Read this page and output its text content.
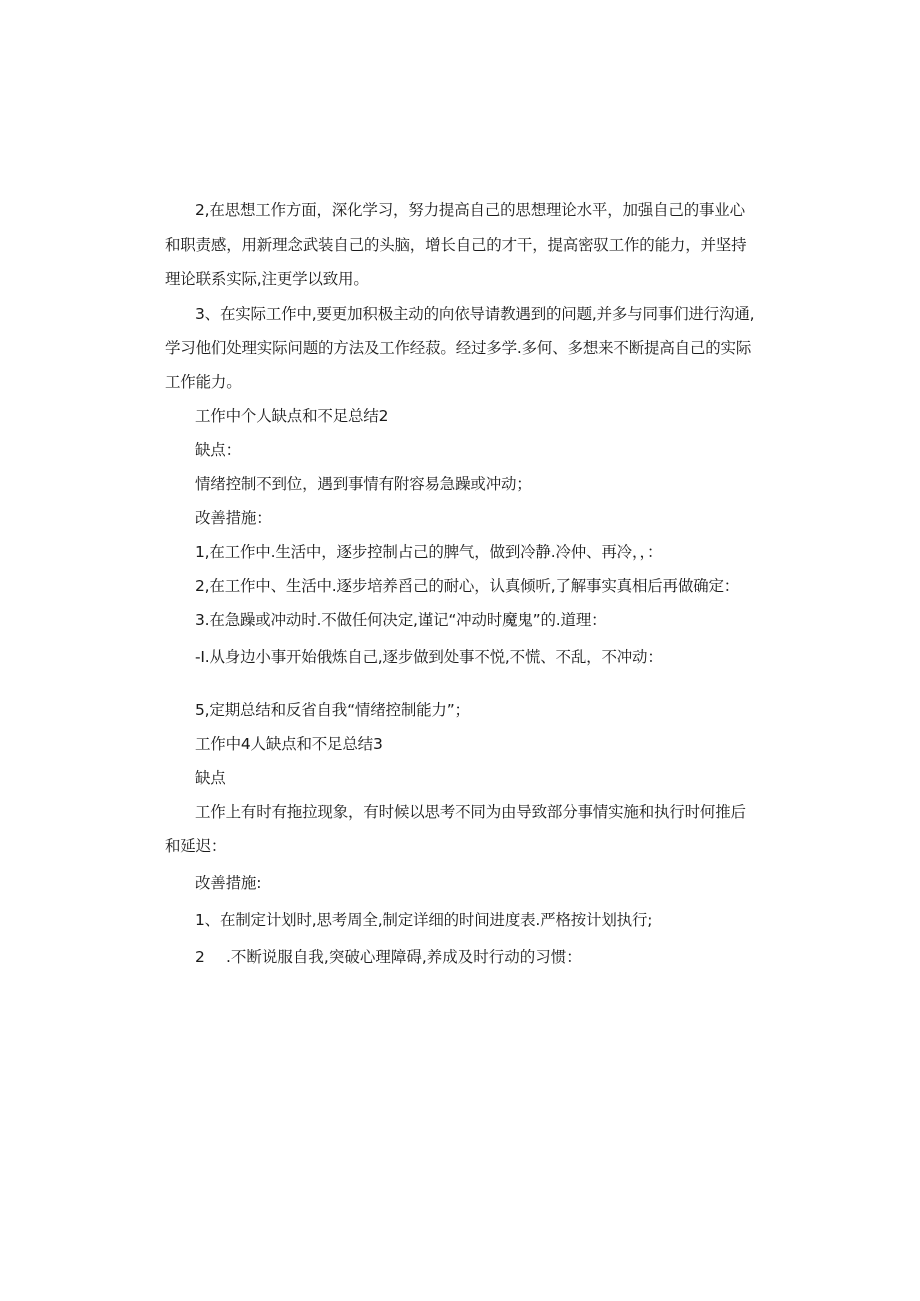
2,在思想工作方面，深化学习，努力提高自己的思想理论水平，加强自己的事业心
和职责感，用新理念武装自己的头脑，增长自己的才干，提高密驭工作的能力，并坚持
理论联系实际,注更学以致用。
3、在实际工作中,要更加积极主动的向依导请教遇到的问题,并多与同事们进行沟通,
学习他们处理实际问题的方法及工作经菽。经过多学.多何、多想来不断提高自己的实际
工作能力。
工作中个人缺点和不足总结2
缺点：
情绪控制不到位，遇到事情有附容易急躁或冲动；
改善措施：
1,在工作中.生活中，逐步控制占己的脾气，做到冷静.冷仲、再冷，，：
2,在工作中、生活中.逐步培养舀己的耐心，认真倾听,了解事实真相后再做确定：
3.在急躁或冲动时.不做任何决定,谨记“冲动时魔鬼”的.道理：
-I.从身边小事开始俄炼自己,逐步做到处事不悦,不慌、不乱，不冲动：
5,定期总结和反省自我“情绪控制能力”；
工作中4人缺点和不足总结3
缺点
工作上有时有拖拉现象，有时候以思考不同为由导致部分事情实施和执行时何推后
和延迟：
改善措施:
1、在制定计划时,思考周全,制定详细的时间进度表.严格按计划执行;
2 .不断说服自我,突破心理障碍,养成及时行动的习惯：
